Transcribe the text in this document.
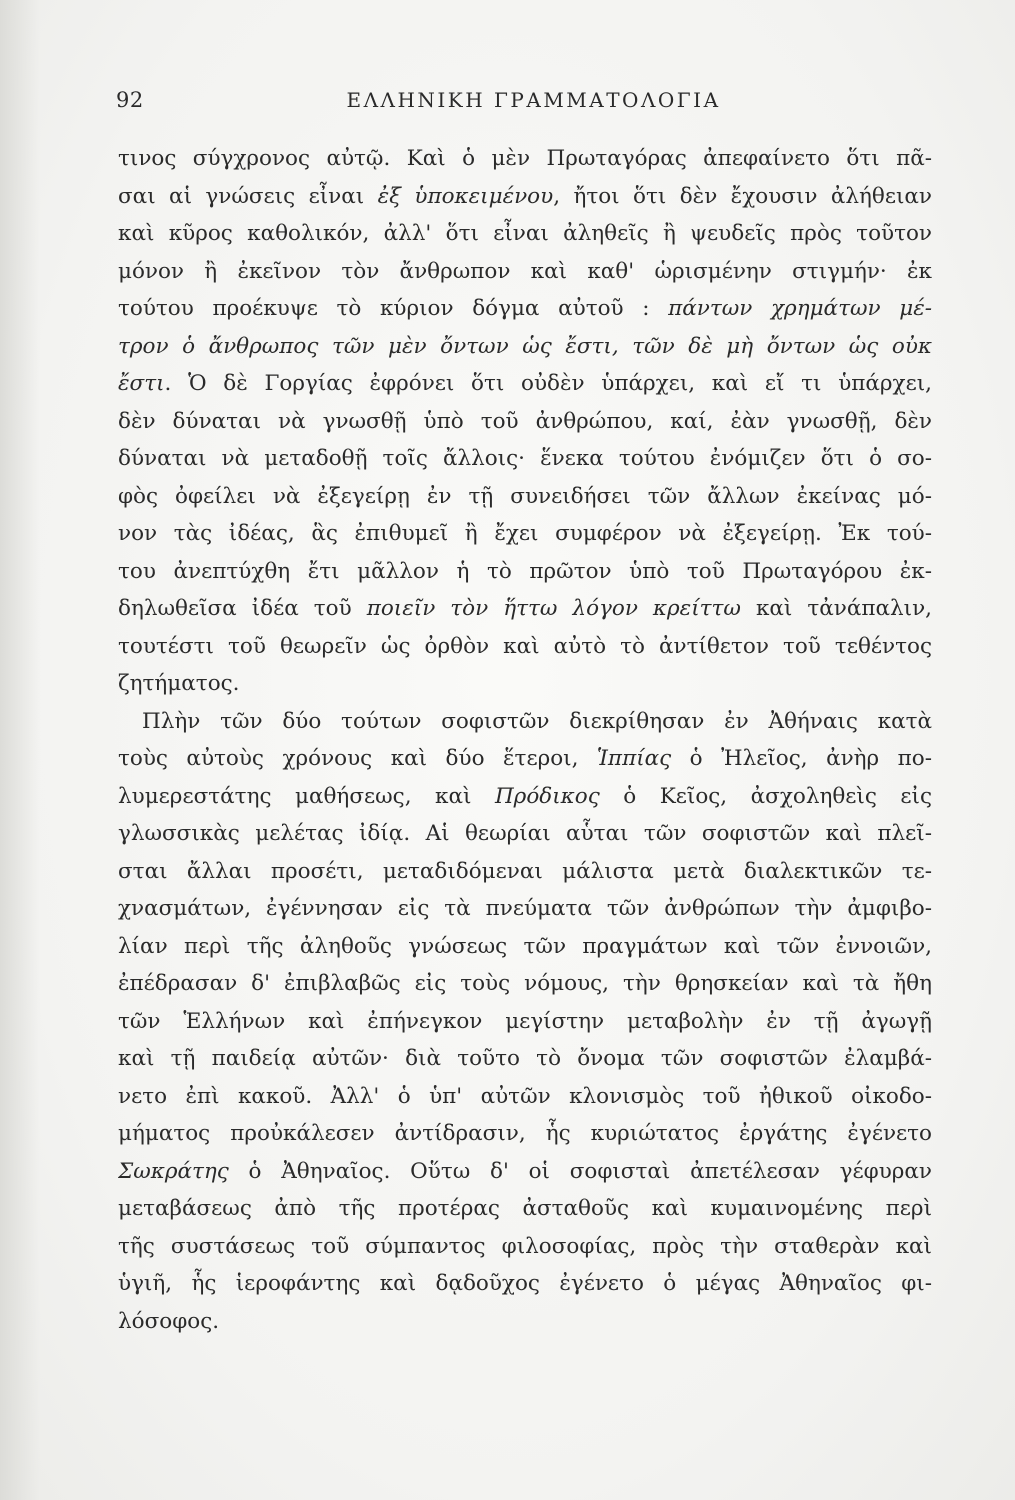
92	ΕΛΛΗΝΙΚΗ ΓΡΑΜΜΑΤΟΛΟΓΙΑ
τινος σύγχρονος αὐτῷ. Καὶ ὁ μὲν Πρωταγόρας ἀπεφαίνετο ὅτι πᾶ-
σαι αἱ γνώσεις εἶναι ἐξ ὑποκειμένου, ἤτοι ὅτι δὲν ἔχουσιν ἀλήθειαν
καὶ κῦρος καθολικόν, ἀλλ' ὅτι εἶναι ἀληθεῖς ἢ ψευδεῖς πρὸς τοῦτον
μόνον ἢ ἐκεῖνον τὸν ἄνθρωπον καὶ καθ' ὡρισμένην στιγμήν· ἐκ
τούτου προέκυψε τὸ κύριον δόγμα αὐτοῦ : πάντων χρημάτων μέ-
τρον ὁ ἄνθρωπος τῶν μὲν ὄντων ὡς ἔστι, τῶν δὲ μὴ ὄντων ὡς οὐκ
ἔστι. Ὁ δὲ Γοργίας ἐφρόνει ὅτι οὐδὲν ὑπάρχει, καὶ εἴ τι ὑπάρχει,
δὲν δύναται νὰ γνωσθῇ ὑπὸ τοῦ ἀνθρώπου, καί, ἐὰν γνωσθῇ, δὲν
δύναται νὰ μεταδοθῇ τοῖς ἄλλοις· ἕνεκα τούτου ἐνόμιζεν ὅτι ὁ σο-
φὸς ὀφείλει νὰ ἐξεγείρῃ ἐν τῇ συνειδήσει τῶν ἄλλων ἐκείνας μό-
νον τὰς ἰδέας, ἃς ἐπιθυμεῖ ἢ ἔχει συμφέρον νὰ ἐξεγείρῃ. Ἐκ τού-
του ἀνεπτύχθη ἔτι μᾶλλον ἡ τὸ πρῶτον ὑπὸ τοῦ Πρωταγόρου ἐκ-
δηλωθεῖσα ἰδέα τοῦ ποιεῖν τὸν ἥττω λόγον κρείττω καὶ τἀνάπαλιν,
τουτέστι τοῦ θεωρεῖν ὡς ὀρθὸν καὶ αὐτὸ τὸ ἀντίθετον τοῦ τεθέντος
ζητήματος.
Πλὴν τῶν δύο τούτων σοφιστῶν διεκρίθησαν ἐν Ἀθήναις κατὰ
τοὺς αὐτοὺς χρόνους καὶ δύο ἕτεροι, Ἱππίας ὁ Ἠλεῖος, ἀνὴρ πο-
λυμερεστάτης μαθήσεως, καὶ Πρόδικος ὁ Κεῖος, ἀσχοληθεὶς εἰς
γλωσσικὰς μελέτας ἰδίᾳ. Αἱ θεωρίαι αὗται τῶν σοφιστῶν καὶ πλεῖ-
σται ἄλλαι προσέτι, μεταδιδόμεναι μάλιστα μετὰ διαλεκτικῶν τε-
χνασμάτων, ἐγέννησαν εἰς τὰ πνεύματα τῶν ἀνθρώπων τὴν ἀμφιβο-
λίαν περὶ τῆς ἀληθοῦς γνώσεως τῶν πραγμάτων καὶ τῶν ἐννοιῶν,
ἐπέδρασαν δ' ἐπιβλαβῶς εἰς τοὺς νόμους, τὴν θρησκείαν καὶ τὰ ἤθη
τῶν Ἑλλήνων καὶ ἐπήνεγκον μεγίστην μεταβολὴν ἐν τῇ ἀγωγῇ
καὶ τῇ παιδείᾳ αὐτῶν· διὰ τοῦτο τὸ ὄνομα τῶν σοφιστῶν ἐλαμβά-
νετο ἐπὶ κακοῦ. Ἀλλ' ὁ ὑπ' αὐτῶν κλονισμὸς τοῦ ἠθικοῦ οἰκοδο-
μήματος προὐκάλεσεν ἀντίδρασιν, ἧς κυριώτατος ἐργάτης ἐγένετο
Σωκράτης ὁ Ἀθηναῖος. Οὕτω δ' οἱ σοφισταὶ ἀπετέλεσαν γέφυραν
μεταβάσεως ἀπὸ τῆς προτέρας ἀσταθοῦς καὶ κυμαινομένης περὶ
τῆς συστάσεως τοῦ σύμπαντος φιλοσοφίας, πρὸς τὴν σταθερὰν καὶ
ὑγιῆ, ἧς ἱεροφάντης καὶ δᾳδοῦχος ἐγένετο ὁ μέγας Ἀθηναῖος φι-
λόσοφος.
